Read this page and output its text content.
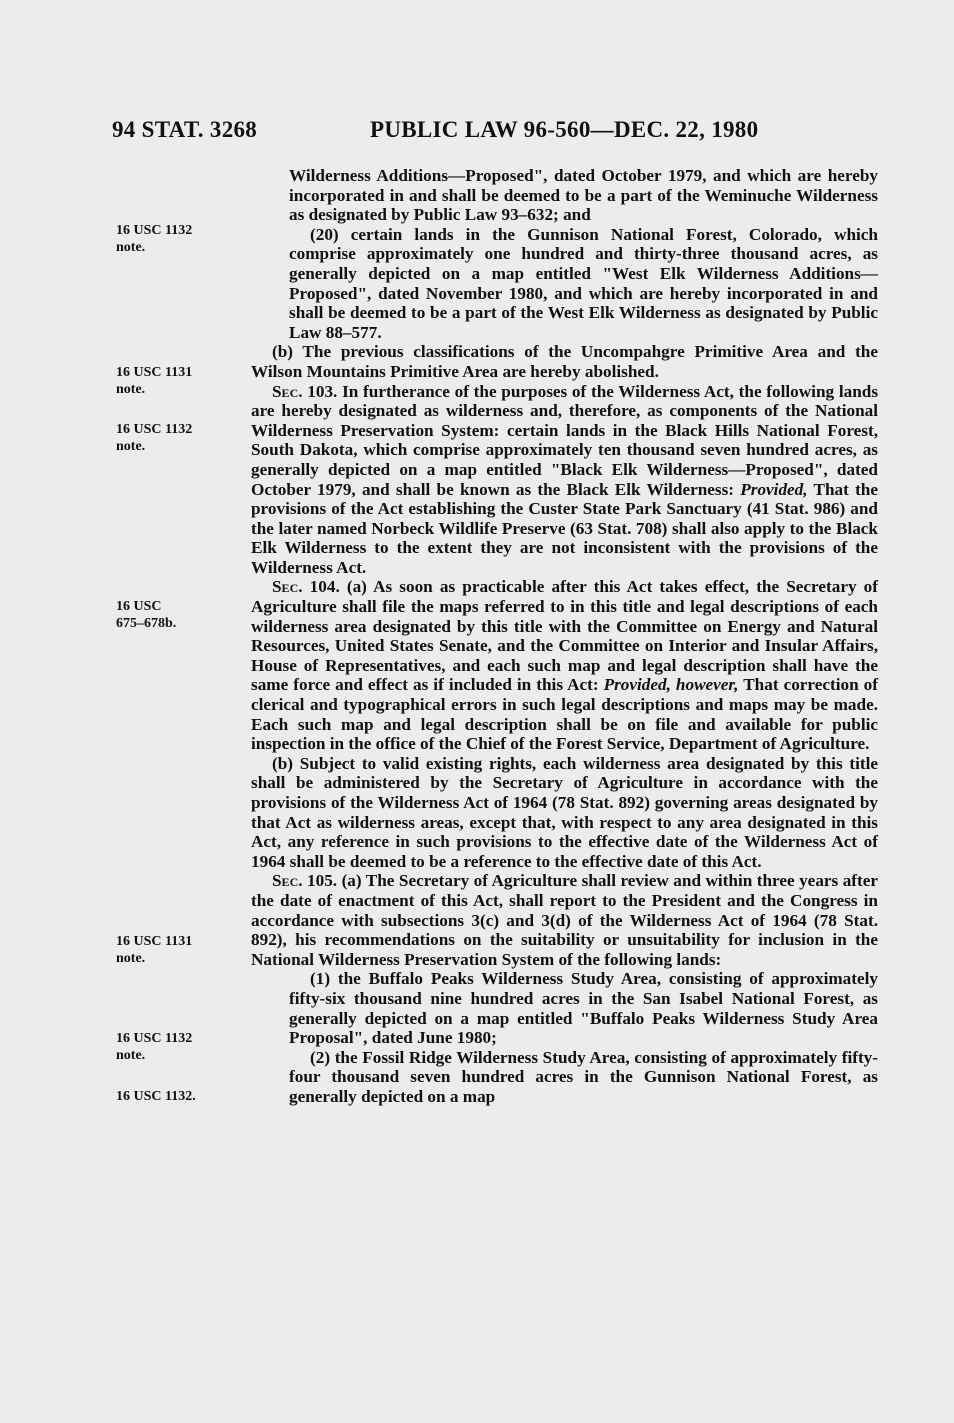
94 STAT. 3268	PUBLIC LAW 96-560—DEC. 22, 1980
16 USC 1132
note.
16 USC 1131
note.
16 USC 1132
note.
16 USC
675–678b.
16 USC 1131
note.
16 USC 1132
note.
16 USC 1132.

Wilderness Additions—Proposed", dated October 1979, and which are hereby incorporated in and shall be deemed to be a part of the Weminuche Wilderness as designated by Public Law 93–632; and

(20) certain lands in the Gunnison National Forest, Colorado, which comprise approximately one hundred and thirty-three thousand acres, as generally depicted on a map entitled "West Elk Wilderness Additions—Proposed", dated November 1980, and which are hereby incorporated in and shall be deemed to be a part of the West Elk Wilderness as designated by Public Law 88–577.

(b) The previous classifications of the Uncompahgre Primitive Area and the Wilson Mountains Primitive Area are hereby abolished.

Sec. 103. In furtherance of the purposes of the Wilderness Act, the following lands are hereby designated as wilderness and, therefore, as components of the National Wilderness Preservation System: certain lands in the Black Hills National Forest, South Dakota, which comprise approximately ten thousand seven hundred acres, as generally depicted on a map entitled "Black Elk Wilderness—Proposed", dated October 1979, and shall be known as the Black Elk Wilderness: Provided, That the provisions of the Act establishing the Custer State Park Sanctuary (41 Stat. 986) and the later named Norbeck Wildlife Preserve (63 Stat. 708) shall also apply to the Black Elk Wilderness to the extent they are not inconsistent with the provisions of the Wilderness Act.

Sec. 104. (a) As soon as practicable after this Act takes effect, the Secretary of Agriculture shall file the maps referred to in this title and legal descriptions of each wilderness area designated by this title with the Committee on Energy and Natural Resources, United States Senate, and the Committee on Interior and Insular Affairs, House of Representatives, and each such map and legal description shall have the same force and effect as if included in this Act: Provided, however, That correction of clerical and typographical errors in such legal descriptions and maps may be made. Each such map and legal description shall be on file and available for public inspection in the office of the Chief of the Forest Service, Department of Agriculture.

(b) Subject to valid existing rights, each wilderness area designated by this title shall be administered by the Secretary of Agriculture in accordance with the provisions of the Wilderness Act of 1964 (78 Stat. 892) governing areas designated by that Act as wilderness areas, except that, with respect to any area designated in this Act, any reference in such provisions to the effective date of the Wilderness Act of 1964 shall be deemed to be a reference to the effective date of this Act.

Sec. 105. (a) The Secretary of Agriculture shall review and within three years after the date of enactment of this Act, shall report to the President and the Congress in accordance with subsections 3(c) and 3(d) of the Wilderness Act of 1964 (78 Stat. 892), his recommendations on the suitability or unsuitability for inclusion in the National Wilderness Preservation System of the following lands:

(1) the Buffalo Peaks Wilderness Study Area, consisting of approximately fifty-six thousand nine hundred acres in the San Isabel National Forest, as generally depicted on a map entitled "Buffalo Peaks Wilderness Study Area Proposal", dated June 1980;

(2) the Fossil Ridge Wilderness Study Area, consisting of approximately fifty-four thousand seven hundred acres in the Gunnison National Forest, as generally depicted on a map
